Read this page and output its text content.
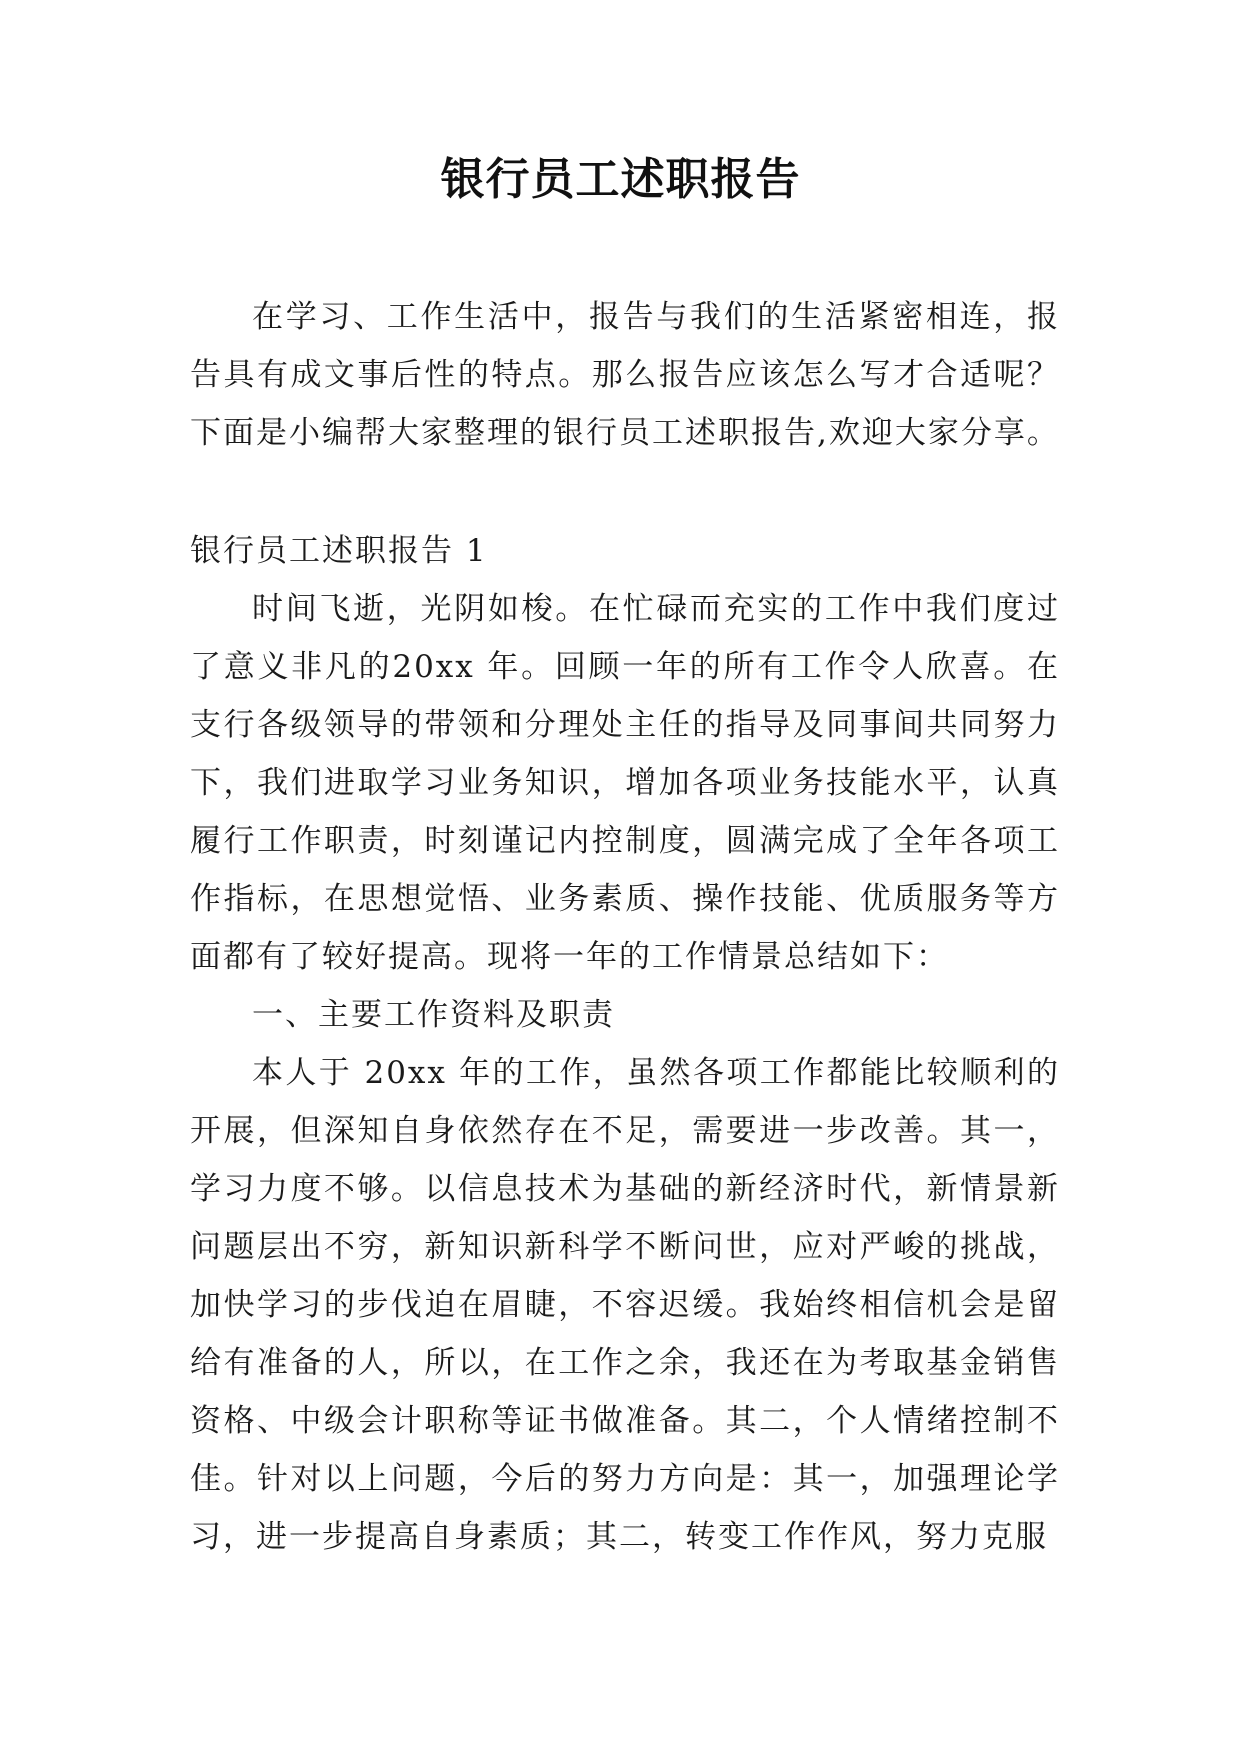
银行员工述职报告

在学习、工作生活中，报告与我们的生活紧密相连，报告具有成文事后性的特点。那么报告应该怎么写才合适呢？下面是小编帮大家整理的银行员工述职报告,欢迎大家分享。

银行员工述职报告 1

时间飞逝，光阴如梭。在忙碌而充实的工作中我们度过了意义非凡的20xx 年。回顾一年的所有工作令人欣喜。在支行各级领导的带领和分理处主任的指导及同事间共同努力下，我们进取学习业务知识，增加各项业务技能水平，认真履行工作职责，时刻谨记内控制度，圆满完成了全年各项工作指标，在思想觉悟、业务素质、操作技能、优质服务等方面都有了较好提高。现将一年的工作情景总结如下：

一、主要工作资料及职责

本人于 20xx 年的工作，虽然各项工作都能比较顺利的开展，但深知自身依然存在不足，需要进一步改善。其一，学习力度不够。以信息技术为基础的新经济时代，新情景新问题层出不穷，新知识新科学不断问世，应对严峻的挑战，加快学习的步伐迫在眉睫，不容迟缓。我始终相信机会是留给有准备的人，所以，在工作之余，我还在为考取基金销售资格、中级会计职称等证书做准备。其二，个人情绪控制不佳。针对以上问题，今后的努力方向是：其一，加强理论学习，进一步提高自身素质；其二，转变工作作风，努力克服
